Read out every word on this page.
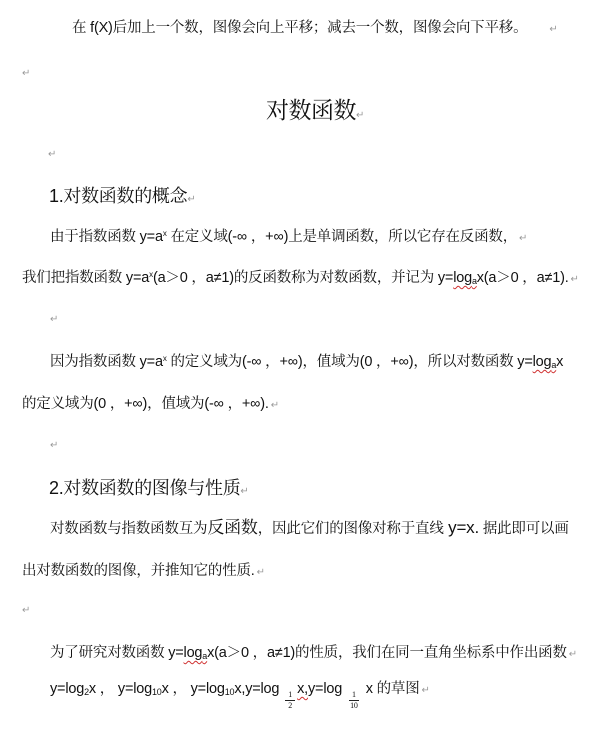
在 f(X)后加上一个数，图像会向上平移；减去一个数，图像会向下平移。 ↵
↵
对数函数↵
↵
1.对数函数的概念↵
由于指数函数 $y=a^x$ 在定义域(-∞ ，+∞)上是单调函数，所以它存在反函数， ↵
我们把指数函数 $y=a^x(a>0$ ，a≠1)的反函数称为对数函数，并记为 $y=\log_ax(a>0$ ，a≠1). ↵
↵
因为指数函数 $y=a^x$ 的定义域为(-∞ ，+∞)，值域为(0 ，+∞)，所以对数函数 $y=\log_ax$
的定义域为(0 ，+∞)，值域为(-∞ ，+∞). ↵
↵
2.对数函数的图像与性质↵
对数函数与指数函数互为反函数，因此它们的图像对称于直线 y=x. 据此即可以画
出对数函数的图像，并推知它的性质. ↵
↵
为了研究对数函数 $y=\log_ax(a>0$ ，a≠1)的性质，我们在同一直角坐标系中作出函数 ↵
$y=\log_2x$ ， $y=\log_{10}x$ ， $y=\log_{10}x,y=\log$ 1
2
x,y=log 1
10
x 的草图 ↵
